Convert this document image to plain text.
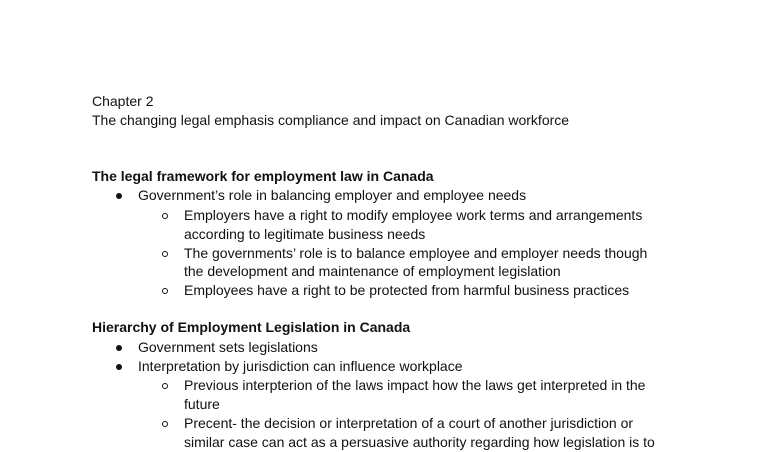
Chapter 2
The changing legal emphasis compliance and impact on Canadian workforce
The legal framework for employment law in Canada
Government’s role in balancing employer and employee needs
Employers have a right to modify employee work terms and arrangements
according to legitimate business needs
The governments’ role is to balance employee and employer needs though
the development and maintenance of employment legislation
Employees have a right to be protected from harmful business practices
Hierarchy of Employment Legislation in Canada
Government sets legislations
Interpretation by jurisdiction can influence workplace
Previous interpterion of the laws impact how the laws get interpreted in the
future
Precent- the decision or interpretation of a court of another jurisdiction or
similar case can act as a persuasive authority regarding how legislation is to
